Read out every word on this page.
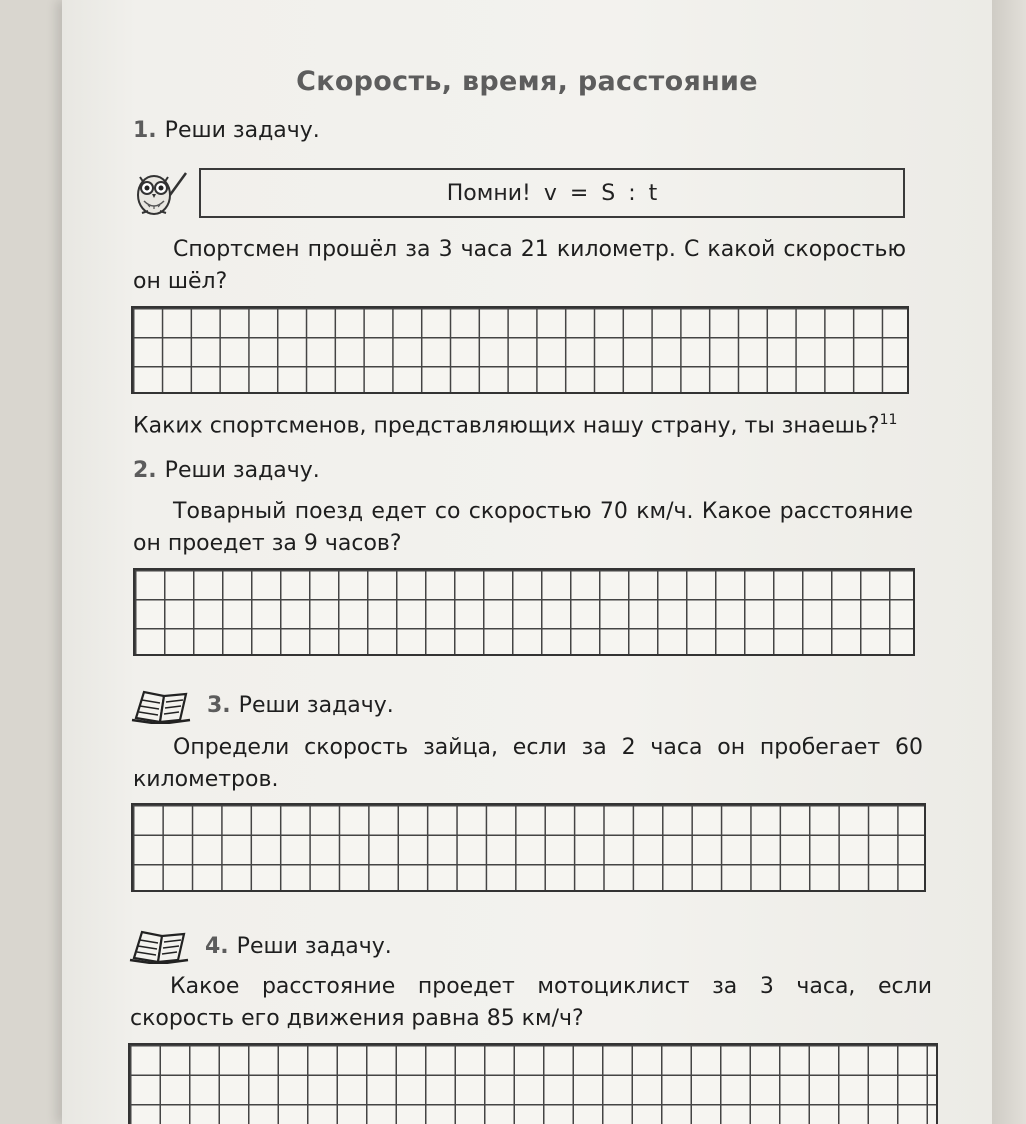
Скорость, время, расстояние
1. Реши задачу.
Помни! v = S : t
Спортсмен прошёл за 3 часа 21 километр. С какой скоростью он шёл?
Каких спортсменов, представляющих нашу страну, ты знаешь?$^{11}$
2. Реши задачу.
Товарный поезд едет со скоростью 70 км/ч. Какое расстояние он проедет за 9 часов?
3. Реши задачу.
Определи скорость зайца, если за 2 часа он пробегает 60 километров.
4. Реши задачу.
Какое расстояние проедет мотоциклист за 3 часа, если скорость его движения равна 85 км/ч?
